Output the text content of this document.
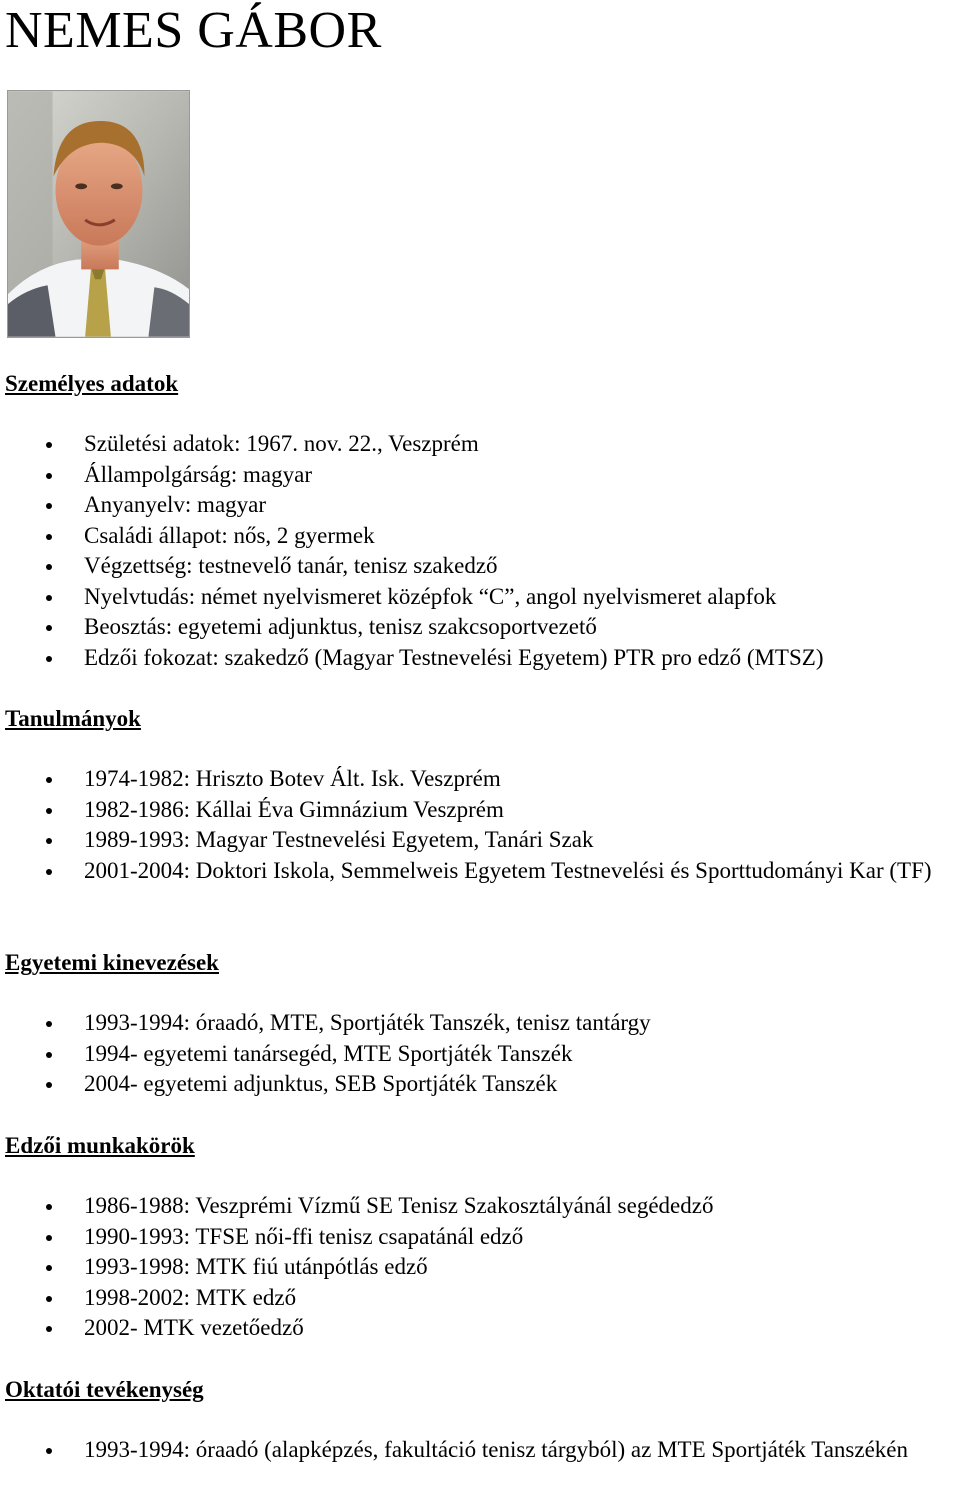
NEMES GÁBOR
Személyes adatok
Születési adatok: 1967. nov. 22., Veszprém
Állampolgárság: magyar
Anyanyelv: magyar
Családi állapot: nős, 2 gyermek
Végzettség: testnevelő tanár, tenisz szakedző
Nyelvtudás: német nyelvismeret középfok “C”, angol nyelvismeret alapfok
Beosztás: egyetemi adjunktus, tenisz szakcsoportvezető
Edzői fokozat: szakedző (Magyar Testnevelési Egyetem) PTR pro edző (MTSZ)
Tanulmányok
1974-1982: Hriszto Botev Ált. Isk. Veszprém
1982-1986: Kállai Éva Gimnázium Veszprém
1989-1993: Magyar Testnevelési Egyetem, Tanári Szak
2001-2004: Doktori Iskola, Semmelweis Egyetem Testnevelési és Sporttudományi Kar (TF)
Egyetemi kinevezések
1993-1994: óraadó, MTE, Sportjáték Tanszék, tenisz tantárgy
1994- egyetemi tanársegéd, MTE Sportjáték Tanszék
2004- egyetemi adjunktus, SEB Sportjáték Tanszék
Edzői munkakörök
1986-1988: Veszprémi Vízmű SE Tenisz Szakosztályánál segédedző
1990-1993: TFSE női-ffi tenisz csapatánál edző
1993-1998: MTK fiú utánpótlás edző
1998-2002: MTK edző
2002- MTK vezetőedző
Oktatói tevékenység
1993-1994: óraadó (alapképzés, fakultáció tenisz tárgyból) az MTE Sportjáték Tanszékén
